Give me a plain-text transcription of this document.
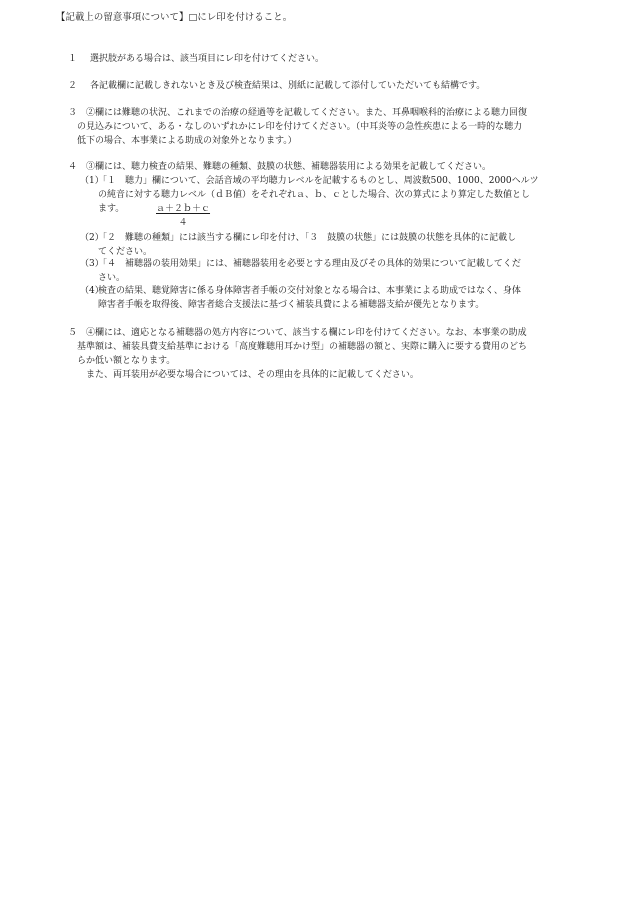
【記載上の留意事項について】□にレ印を付けること。
１ 選択肢がある場合は、該当項目にレ印を付けてください。
２ 各記載欄に記載しきれないとき及び検査結果は、別紙に記載して添付していただいても結構です。
３ ②欄には難聴の状況、これまでの治療の経過等を記載してください。また、耳鼻咽喉科的治療による聴力回復
の見込みについて、ある・なしのいずれかにレ印を付けてください。（中耳炎等の急性疾患による一時的な聴力
低下の場合、本事業による助成の対象外となります。）
４ ③欄には、聴力検査の結果、難聴の種類、鼓膜の状態、補聴器装用による効果を記載してください。
（1）
「１　聴力」欄について、会話音域の平均聴力レベルを記載するものとし、周波数500、1000、2000ヘルツ
の純音に対する聴力レベル（ｄＢ値）をそれぞれａ、ｂ、ｃとした場合、次の算式により算定した数値とし
ます。	ａ＋２ｂ＋ｃ
４
（2）
「２　難聴の種類」には該当する欄にレ印を付け、「３　鼓膜の状態」には鼓膜の状態を具体的に記載し
てください。
（3）
「４　補聴器の装用効果」には、補聴器装用を必要とする理由及びその具体的効果について記載してくだ
さい。
（4）
検査の結果、聴覚障害に係る身体障害者手帳の交付対象となる場合は、本事業による助成ではなく、身体
障害者手帳を取得後、障害者総合支援法に基づく補装具費による補聴器支給が優先となります。
５ ④欄には、適応となる補聴器の処方内容について、該当する欄にレ印を付けてください。なお、本事業の助成
基準額は、補装具費支給基準における「高度難聴用耳かけ型」の補聴器の額と、実際に購入に要する費用のどち
らか低い額となります。
　また、両耳装用が必要な場合については、その理由を具体的に記載してください。
